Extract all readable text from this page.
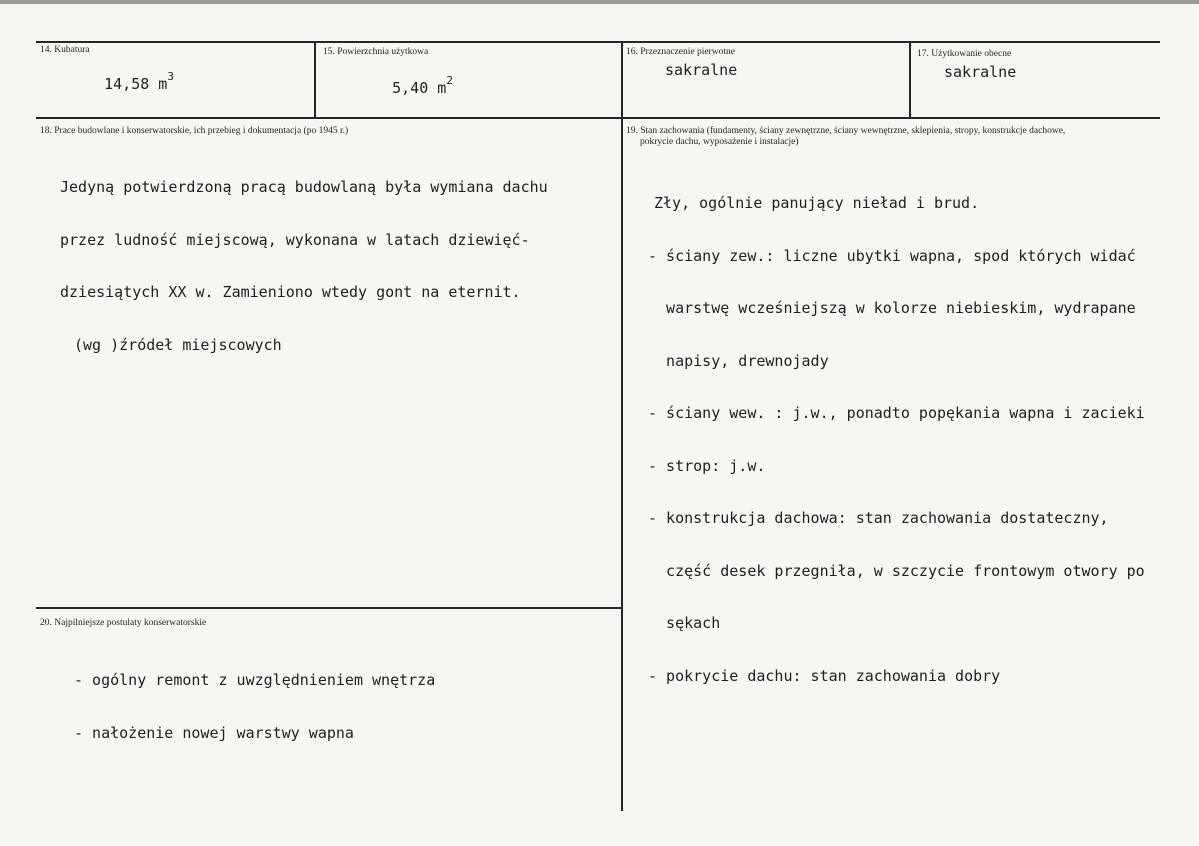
14. Kubatura

14,58 $m^3$

15. Powierzchnia użytkowa

5,40 $m^2$

16. Przeznaczenie pierwotne
sakralne
17. Użytkowanie obecne
sakralne
18. Prace budowlane i konserwatorskie, ich przebieg i dokumentacja (po 1945 r.)

Jedyną potwierdzoną pracą budowlaną była wymiana dachu

przez ludność miejscową, wykonana w latach dziewięć-

dziesiątych XX w. Zamieniono wtedy gont na eternit.

(wg )źródeł miejscowych

19. Stan zachowania (fundamenty, ściany zewnętrzne, ściany wewnętrzne, sklepienia, stropy, konstrukcje dachowe,
pokrycie dachu, wyposażenie i instalacje)

Zły, ogólnie panujący nieład i brud.

- ściany zew.: liczne ubytki wapna, spod których widać

warstwę wcześniejszą w kolorze niebieskim, wydrapane

napisy, drewnojady

- ściany wew. : j.w., ponadto popękania wapna i zacieki

- strop: j.w.

- konstrukcja dachowa: stan zachowania dostateczny,

część desek przegniła, w szczycie frontowym otwory po

sękach

- pokrycie dachu: stan zachowania dobry

20. Najpilniejsze postulaty konserwatorskie

- ogólny remont z uwzględnieniem wnętrza

- nałożenie nowej warstwy wapna
